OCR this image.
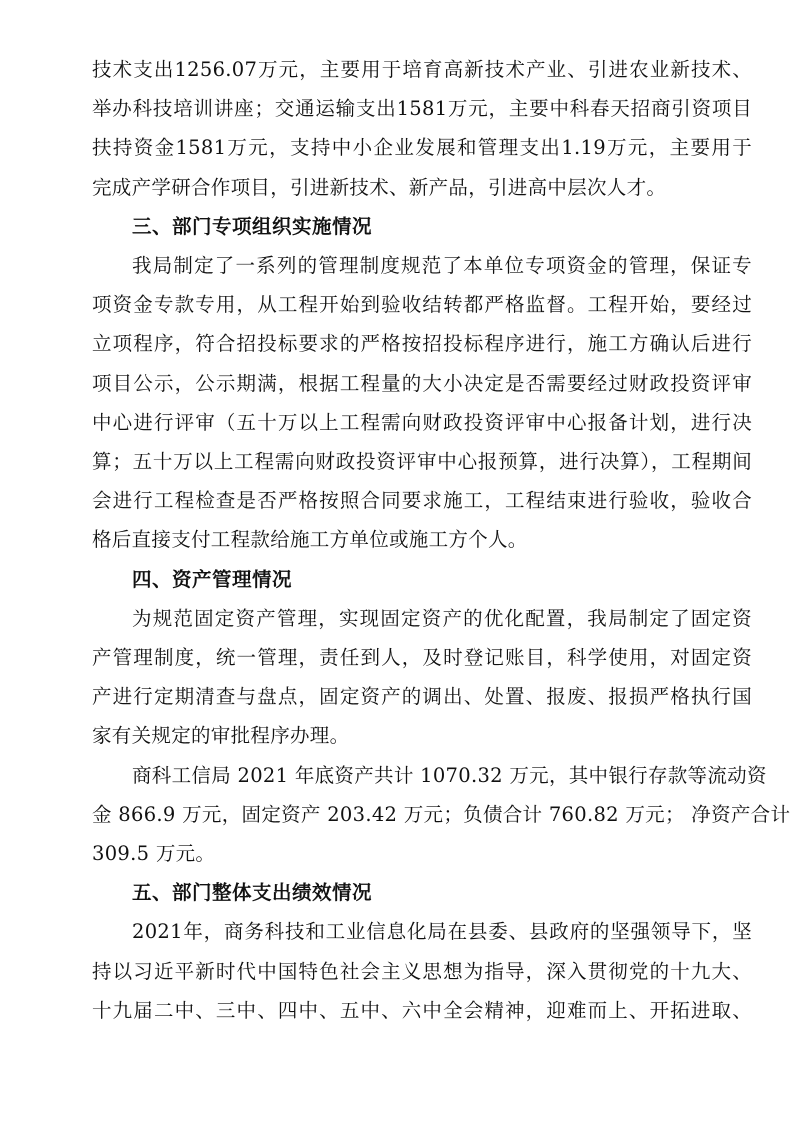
技术支出1256.07万元，主要用于培育高新技术产业、引进农业新技术、
举办科技培训讲座；交通运输支出1581万元，主要中科春天招商引资项目
扶持资金1581万元，支持中小企业发展和管理支出1.19万元，主要用于
完成产学研合作项目，引进新技术、新产品，引进高中层次人才。
三、部门专项组织实施情况
我局制定了一系列的管理制度规范了本单位专项资金的管理，保证专
项资金专款专用，从工程开始到验收结转都严格监督。工程开始，要经过
立项程序，符合招投标要求的严格按招投标程序进行，施工方确认后进行
项目公示，公示期满，根据工程量的大小决定是否需要经过财政投资评审
中心进行评审（五十万以上工程需向财政投资评审中心报备计划，进行决
算；五十万以上工程需向财政投资评审中心报预算，进行决算），工程期间
会进行工程检查是否严格按照合同要求施工，工程结束进行验收，验收合
格后直接支付工程款给施工方单位或施工方个人。
四、资产管理情况
为规范固定资产管理，实现固定资产的优化配置，我局制定了固定资
产管理制度，统一管理，责任到人，及时登记账目，科学使用，对固定资
产进行定期清查与盘点，固定资产的调出、处置、报废、报损严格执行国
家有关规定的审批程序办理。
商科工信局 2021 年底资产共计 1070.32 万元，其中银行存款等流动资
金 866.9 万元，固定资产 203.42 万元；负债合计 760.82 万元； 净资产合计
309.5 万元。
五、部门整体支出绩效情况
2021年，商务科技和工业信息化局在县委、县政府的坚强领导下，坚
持以习近平新时代中国特色社会主义思想为指导，深入贯彻党的十九大、
十九届二中、三中、四中、五中、六中全会精神，迎难而上、开拓进取、
